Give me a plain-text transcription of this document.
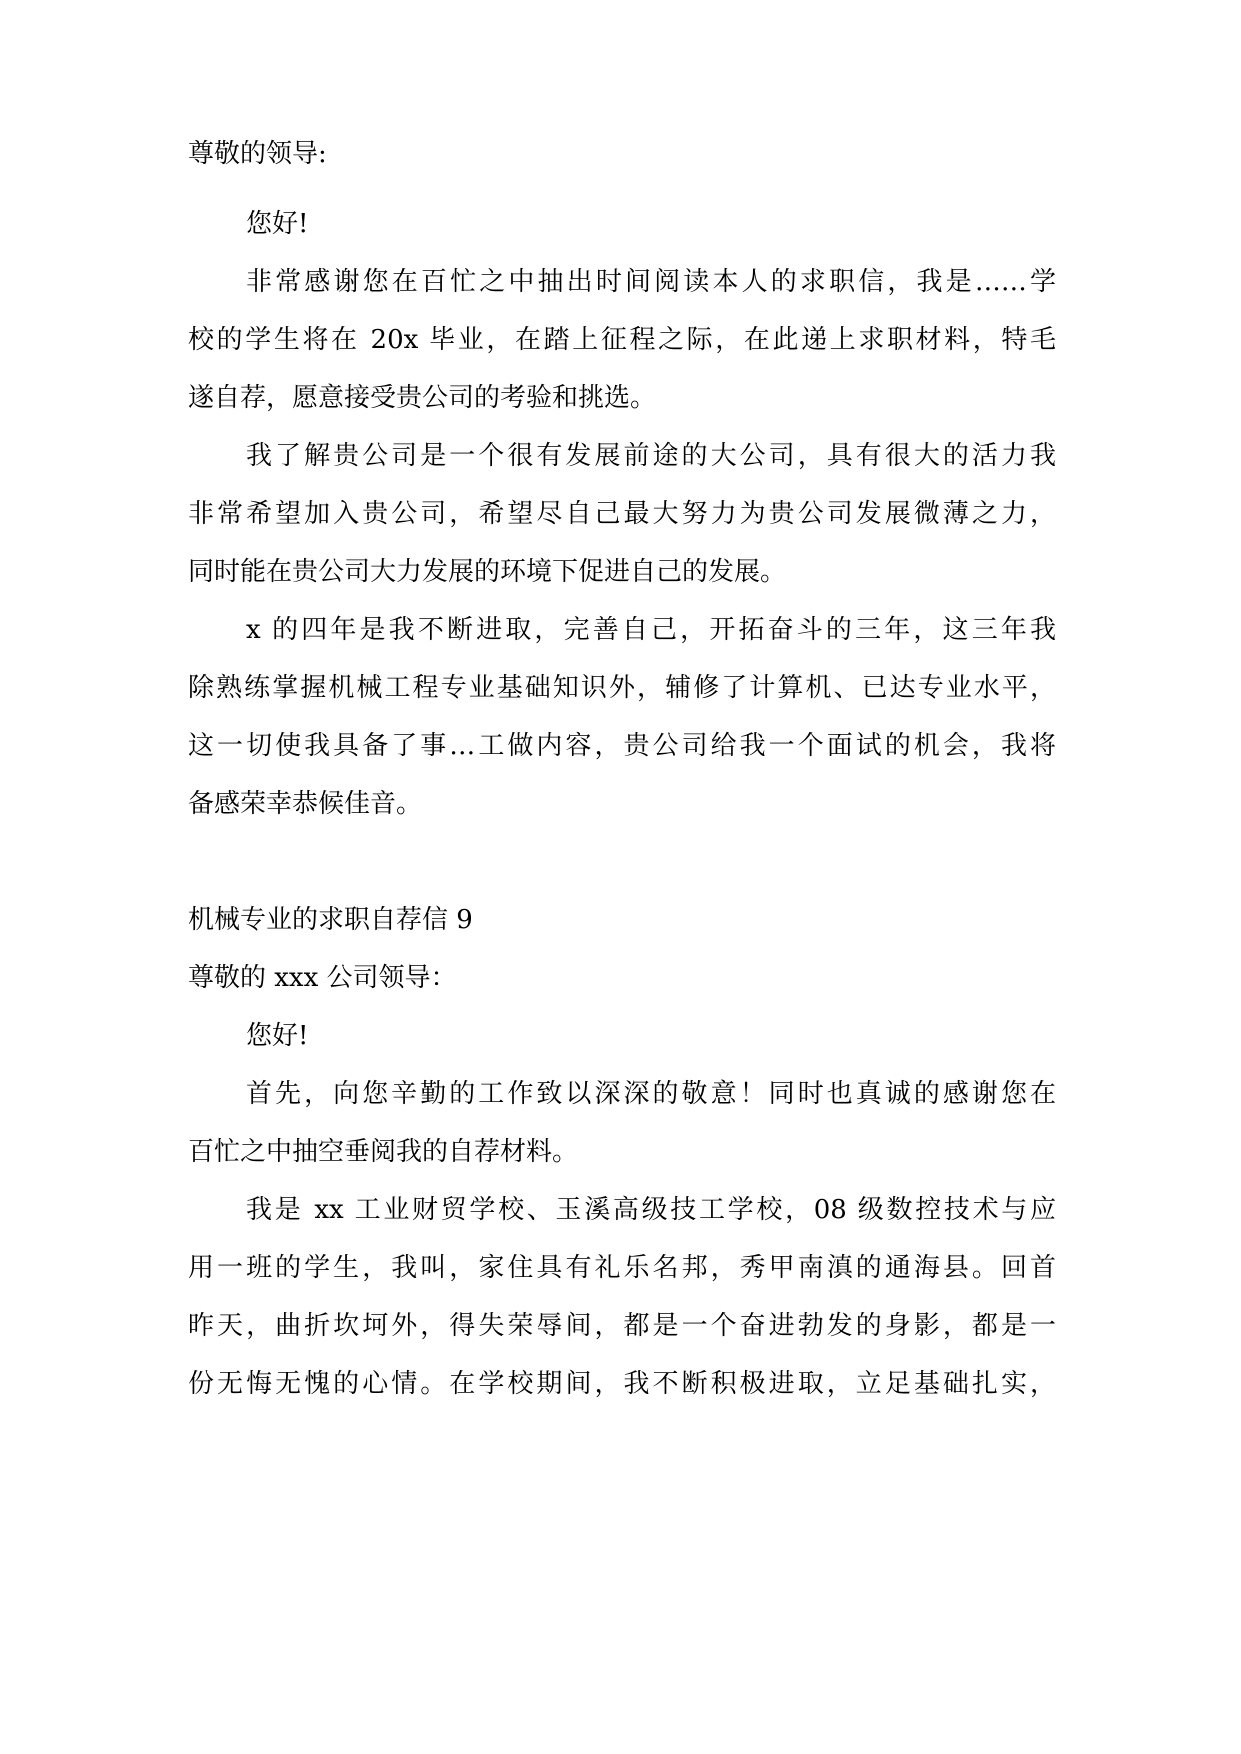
尊敬的领导:
您好!
非常感谢您在百忙之中抽出时间阅读本人的求职信，我是……学
校的学生将在 20x 毕业，在踏上征程之际，在此递上求职材料，特毛
遂自荐，愿意接受贵公司的考验和挑选。
我了解贵公司是一个很有发展前途的大公司，具有很大的活力我
非常希望加入贵公司，希望尽自己最大努力为贵公司发展微薄之力，
同时能在贵公司大力发展的环境下促进自己的发展。
x 的四年是我不断进取，完善自己，开拓奋斗的三年，这三年我
除熟练掌握机械工程专业基础知识外，辅修了计算机、已达专业水平，
这一切使我具备了事…工做内容，贵公司给我一个面试的机会，我将
备感荣幸恭候佳音。
机械专业的求职自荐信 9
尊敬的 xxx 公司领导：
您好!
首先，向您辛勤的工作致以深深的敬意！同时也真诚的感谢您在
百忙之中抽空垂阅我的自荐材料。
我是 xx 工业财贸学校、玉溪高级技工学校，08 级数控技术与应
用一班的学生，我叫，家住具有礼乐名邦，秀甲南滇的通海县。回首
昨天，曲折坎坷外，得失荣辱间，都是一个奋进勃发的身影，都是一
份无悔无愧的心情。在学校期间，我不断积极进取，立足基础扎实，
